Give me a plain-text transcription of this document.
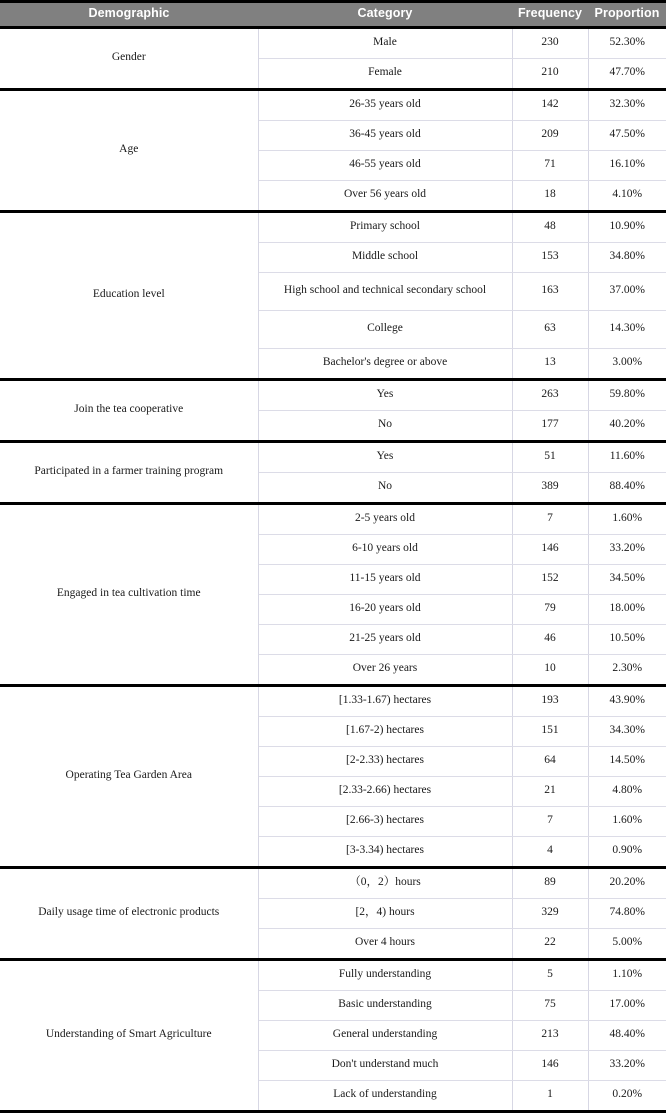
Demographic	Category	Frequency	Proportion
Gender	Male	230	52.30%
	Female	210	47.70%
Age	26-35 years old	142	32.30%
	36-45 years old	209	47.50%
	46-55 years old	71	16.10%
	Over 56 years old	18	4.10%
Education level	Primary school	48	10.90%
	Middle school	153	34.80%
	High school and technical secondary school	163	37.00%
	College	63	14.30%
	Bachelor's degree or above	13	3.00%
Join the tea cooperative	Yes	263	59.80%
	No	177	40.20%
Participated in a farmer training program	Yes	51	11.60%
	No	389	88.40%
Engaged in tea cultivation time	2-5 years old	7	1.60%
	6-10 years old	146	33.20%
	11-15 years old	152	34.50%
	16-20 years old	79	18.00%
	21-25 years old	46	10.50%
	Over 26 years	10	2.30%
Operating Tea Garden Area	[1.33-1.67) hectares	193	43.90%
	[1.67-2) hectares	151	34.30%
	[2-2.33) hectares	64	14.50%
	[2.33-2.66) hectares	21	4.80%
	[2.66-3) hectares	7	1.60%
	[3-3.34) hectares	4	0.90%
Daily usage time of electronic products	（0，2）hours	89	20.20%
	[2，4) hours	329	74.80%
	Over 4 hours	22	5.00%
Understanding of Smart Agriculture	Fully understanding	5	1.10%
	Basic understanding	75	17.00%
	General understanding	213	48.40%
	Don't understand much	146	33.20%
	Lack of understanding	1	0.20%
